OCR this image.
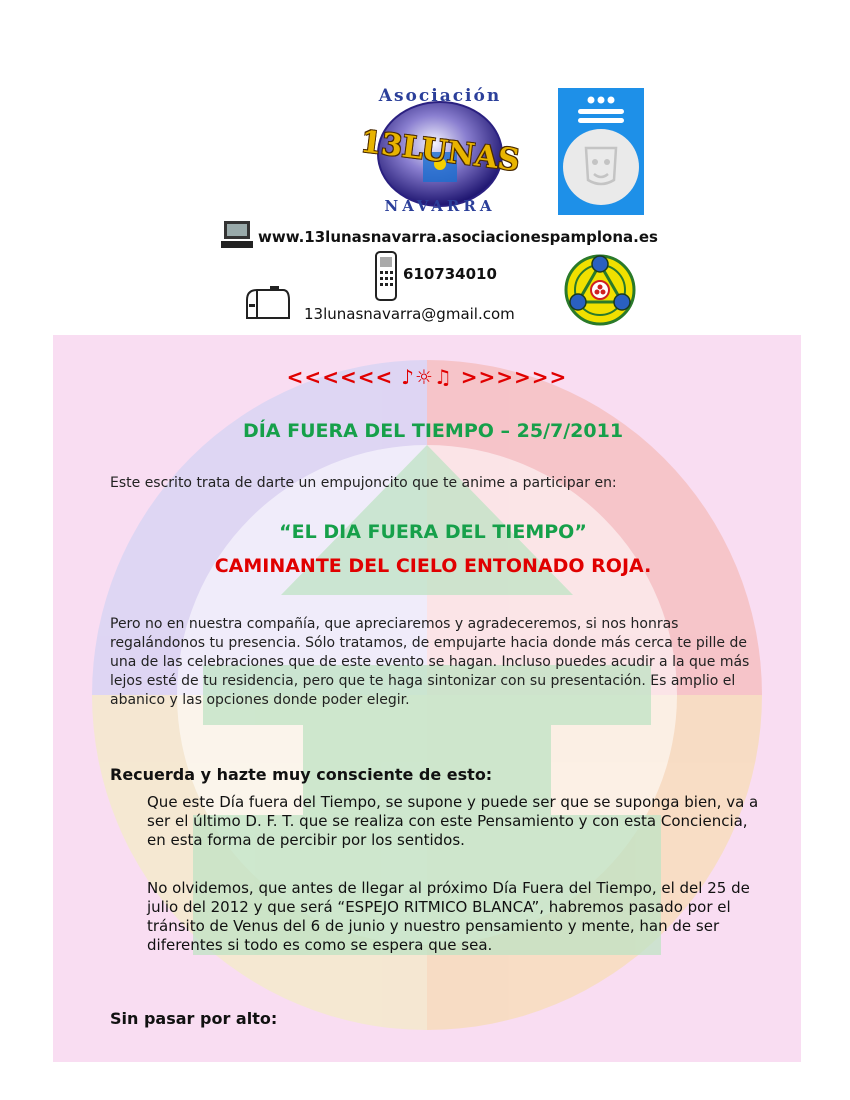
Asociación
13LUNAS
NAVARRA
www.13lunasnavarra.asociacionespamplona.es
610734010
13lunasnavarra@gmail.com
<<<<<< ♪☼♫ >>>>>>
DÍA FUERA DEL TIEMPO – 25/7/2011
Este escrito trata de darte un empujoncito que te anime a participar en:
“EL DIA FUERA DEL TIEMPO”
CAMINANTE DEL CIELO ENTONADO ROJA.
Pero no en nuestra compañía, que apreciaremos y agradeceremos, si nos honras regalándonos tu presencia. Sólo tratamos, de empujarte hacia donde más cerca te pille de una de las celebraciones que de este evento se hagan. Incluso puedes acudir a la que más lejos esté de tu residencia, pero que te haga sintonizar con su presentación. Es amplio el abanico y las opciones donde poder elegir.
Recuerda y hazte muy consciente de esto:
Que este Día fuera del Tiempo, se supone y puede ser que se suponga bien, va a ser el último D. F. T. que se realiza con este Pensamiento y con esta Conciencia, en esta forma de percibir por los sentidos.
No olvidemos, que antes de llegar al próximo Día Fuera del Tiempo, el del 25 de julio del 2012 y que será “ESPEJO RITMICO BLANCA”, habremos pasado por el tránsito de Venus del 6 de junio y nuestro pensamiento y mente, han de ser diferentes si todo es como se espera que sea.
Sin pasar por alto:
